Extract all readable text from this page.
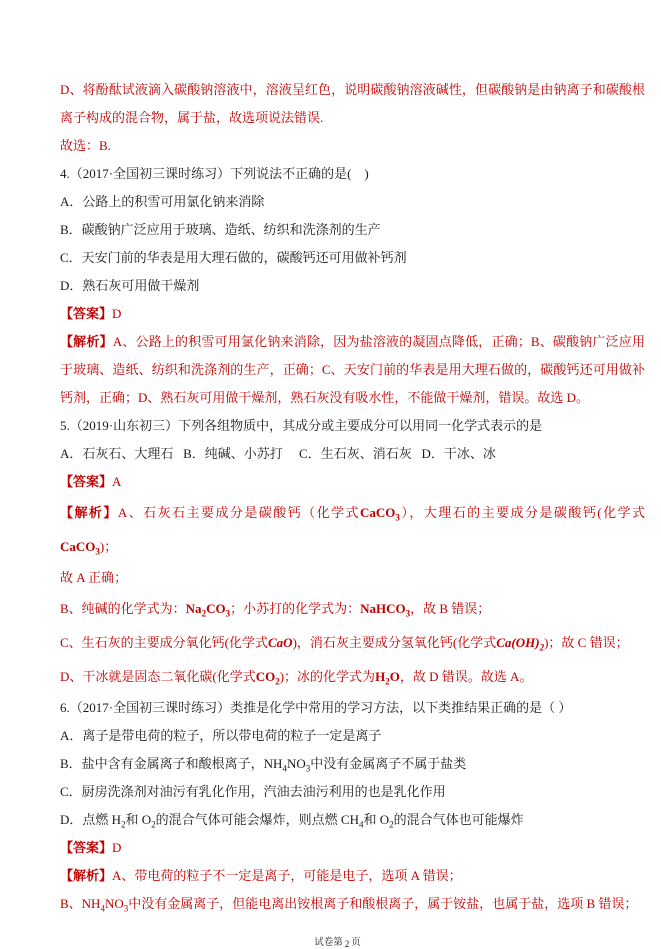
D、将酚酞试液滴入碳酸钠溶液中，溶液呈红色，说明碳酸钠溶液碱性，但碳酸钠是由钠离子和碳酸根离子构成的混合物，属于盐，故选项说法错误.

故选：B.

4.（2017·全国初三课时练习）下列说法不正确的是(    )

A．公路上的积雪可用氯化钠来消除

B．碳酸钠广泛应用于玻璃、造纸、纺织和洗涤剂的生产

C．天安门前的华表是用大理石做的，碳酸钙还可用做补钙剂

D．熟石灰可用做干燥剂

【答案】D

【解析】A、公路上的积雪可用氯化钠来消除，因为盐溶液的凝固点降低，正确；B、碳酸钠广泛应用于玻璃、造纸、纺织和洗涤剂的生产，正确；C、天安门前的华表是用大理石做的，碳酸钙还可用做补钙剂，正确；D、熟石灰可用做干燥剂，熟石灰没有吸水性，不能做干燥剂，错误。故选 D。

5.（2019·山东初三）下列各组物质中，其成分或主要成分可以用同一化学式表示的是

A．石灰石、大理石   B．纯碱、小苏打     C．生石灰、消石灰   D．干冰、冰

【答案】A

【解析】A、石灰石主要成分是碳酸钙（化学式CaCO$_3$），大理石的主要成分是碳酸钙(化学式CaCO$_3$)；

故 A 正确；

B、纯碱的化学式为：$Na_2CO_3$；小苏打的化学式为：NaHCO$_3$，故 B 错误；

C、生石灰的主要成分氧化钙(化学式CaO)，消石灰主要成分氢氧化钙(化学式$Ca(OH)_2$)；故 C 错误；

D、干冰就是固态二氧化碳(化学式$CO_2$)；冰的化学式为$H_2O$，故 D 错误。故选 A。

6.（2017·全国初三课时练习）类推是化学中常用的学习方法，以下类推结果正确的是（ ）

A．离子是带电荷的粒子，所以带电荷的粒子一定是离子

B．盐中含有金属离子和酸根离子，$NH_4NO_3$中没有金属离子不属于盐类

C．厨房洗涤剂对油污有乳化作用，汽油去油污利用的也是乳化作用

D．点燃 $H_2$和 $O_2$的混合气体可能会爆炸，则点燃 $CH_4$和 $O_2$的混合气体也可能爆炸

【答案】D

【解析】A、带电荷的粒子不一定是离子，可能是电子，选项 A 错误；

B、$NH_4NO_3$中没有金属离子，但能电离出铵根离子和酸根离子，属于铵盐，也属于盐，选项 B 错误；

试卷第 2 页
